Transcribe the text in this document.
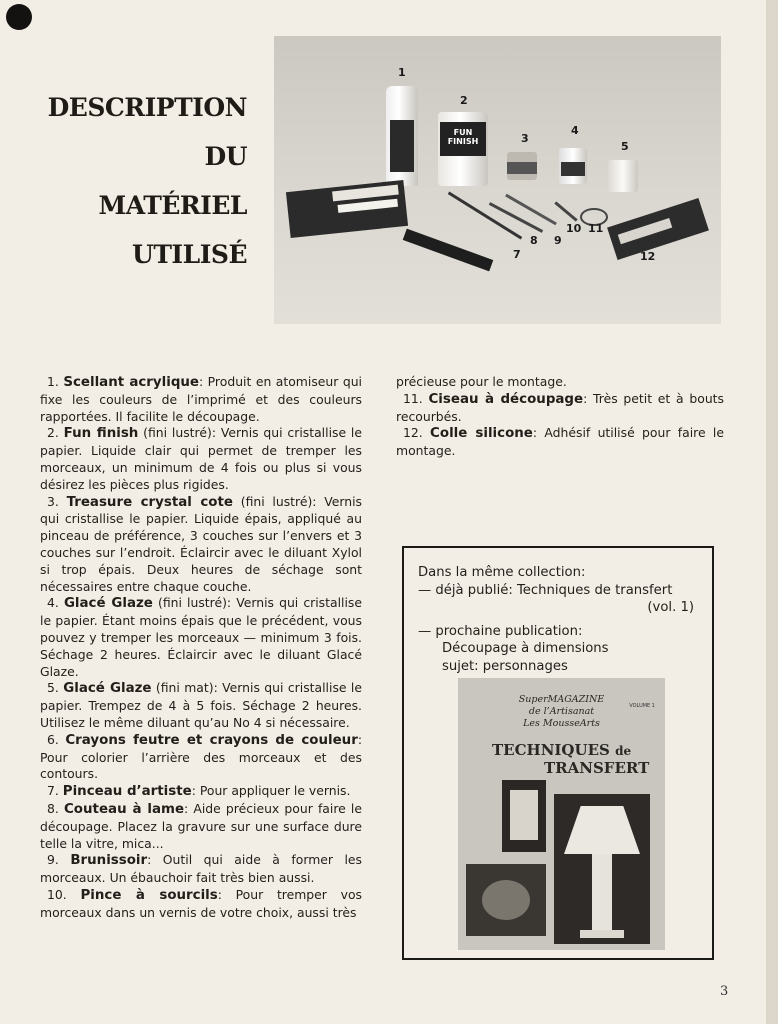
DESCRIPTION
DU
MATÉRIEL
UTILISÉ
FUN FINISH
1
2
3
4
5
7
8 9
10 11
12
1. Scellant acrylique: Produit en atomiseur qui fixe les couleurs de l’imprimé et des couleurs rapportées. Il facilite le découpage.
2. Fun finish (fini lustré): Vernis qui cristallise le papier. Liquide clair qui permet de tremper les morceaux, un minimum de 4 fois ou plus si vous désirez les pièces plus rigides.
3. Treasure crystal cote (fini lustré): Vernis qui cristallise le papier. Liquide épais, appliqué au pinceau de préférence, 3 couches sur l’envers et 3 couches sur l’endroit. Éclaircir avec le diluant Xylol si trop épais. Deux heures de séchage sont nécessaires entre chaque couche.
4. Glacé Glaze (fini lustré): Vernis qui cristallise le papier. Étant moins épais que le précédent, vous pouvez y tremper les morceaux — minimum 3 fois. Séchage 2 heures. Éclaircir avec le diluant Glacé Glaze.
5. Glacé Glaze (fini mat): Vernis qui cristallise le papier. Trempez de 4 à 5 fois. Séchage 2 heures. Utilisez le même diluant qu’au No 4 si nécessaire.
6. Crayons feutre et crayons de couleur: Pour colorier l’arrière des morceaux et des contours.
7. Pinceau d’artiste: Pour appliquer le vernis.
8. Couteau à lame: Aide précieux pour faire le découpage. Placez la gravure sur une surface dure telle la vitre, mica...
9. Brunissoir: Outil qui aide à former les morceaux. Un ébauchoir fait très bien aussi.
10. Pince à sourcils: Pour tremper vos morceaux dans un vernis de votre choix, aussi très
précieuse pour le montage.
11. Ciseau à découpage: Très petit et à bouts recourbés.
12. Colle silicone: Adhésif utilisé pour faire le montage.
Dans la même collection:
— déjà publié: Techniques de transfert
(vol. 1)
— prochaine publication:
Découpage à dimensions
sujet: personnages
SuperMAGAZINE
de l’Artisanat
Les MousseArts
VOLUME 1
TECHNIQUES de
TRANSFERT
3
